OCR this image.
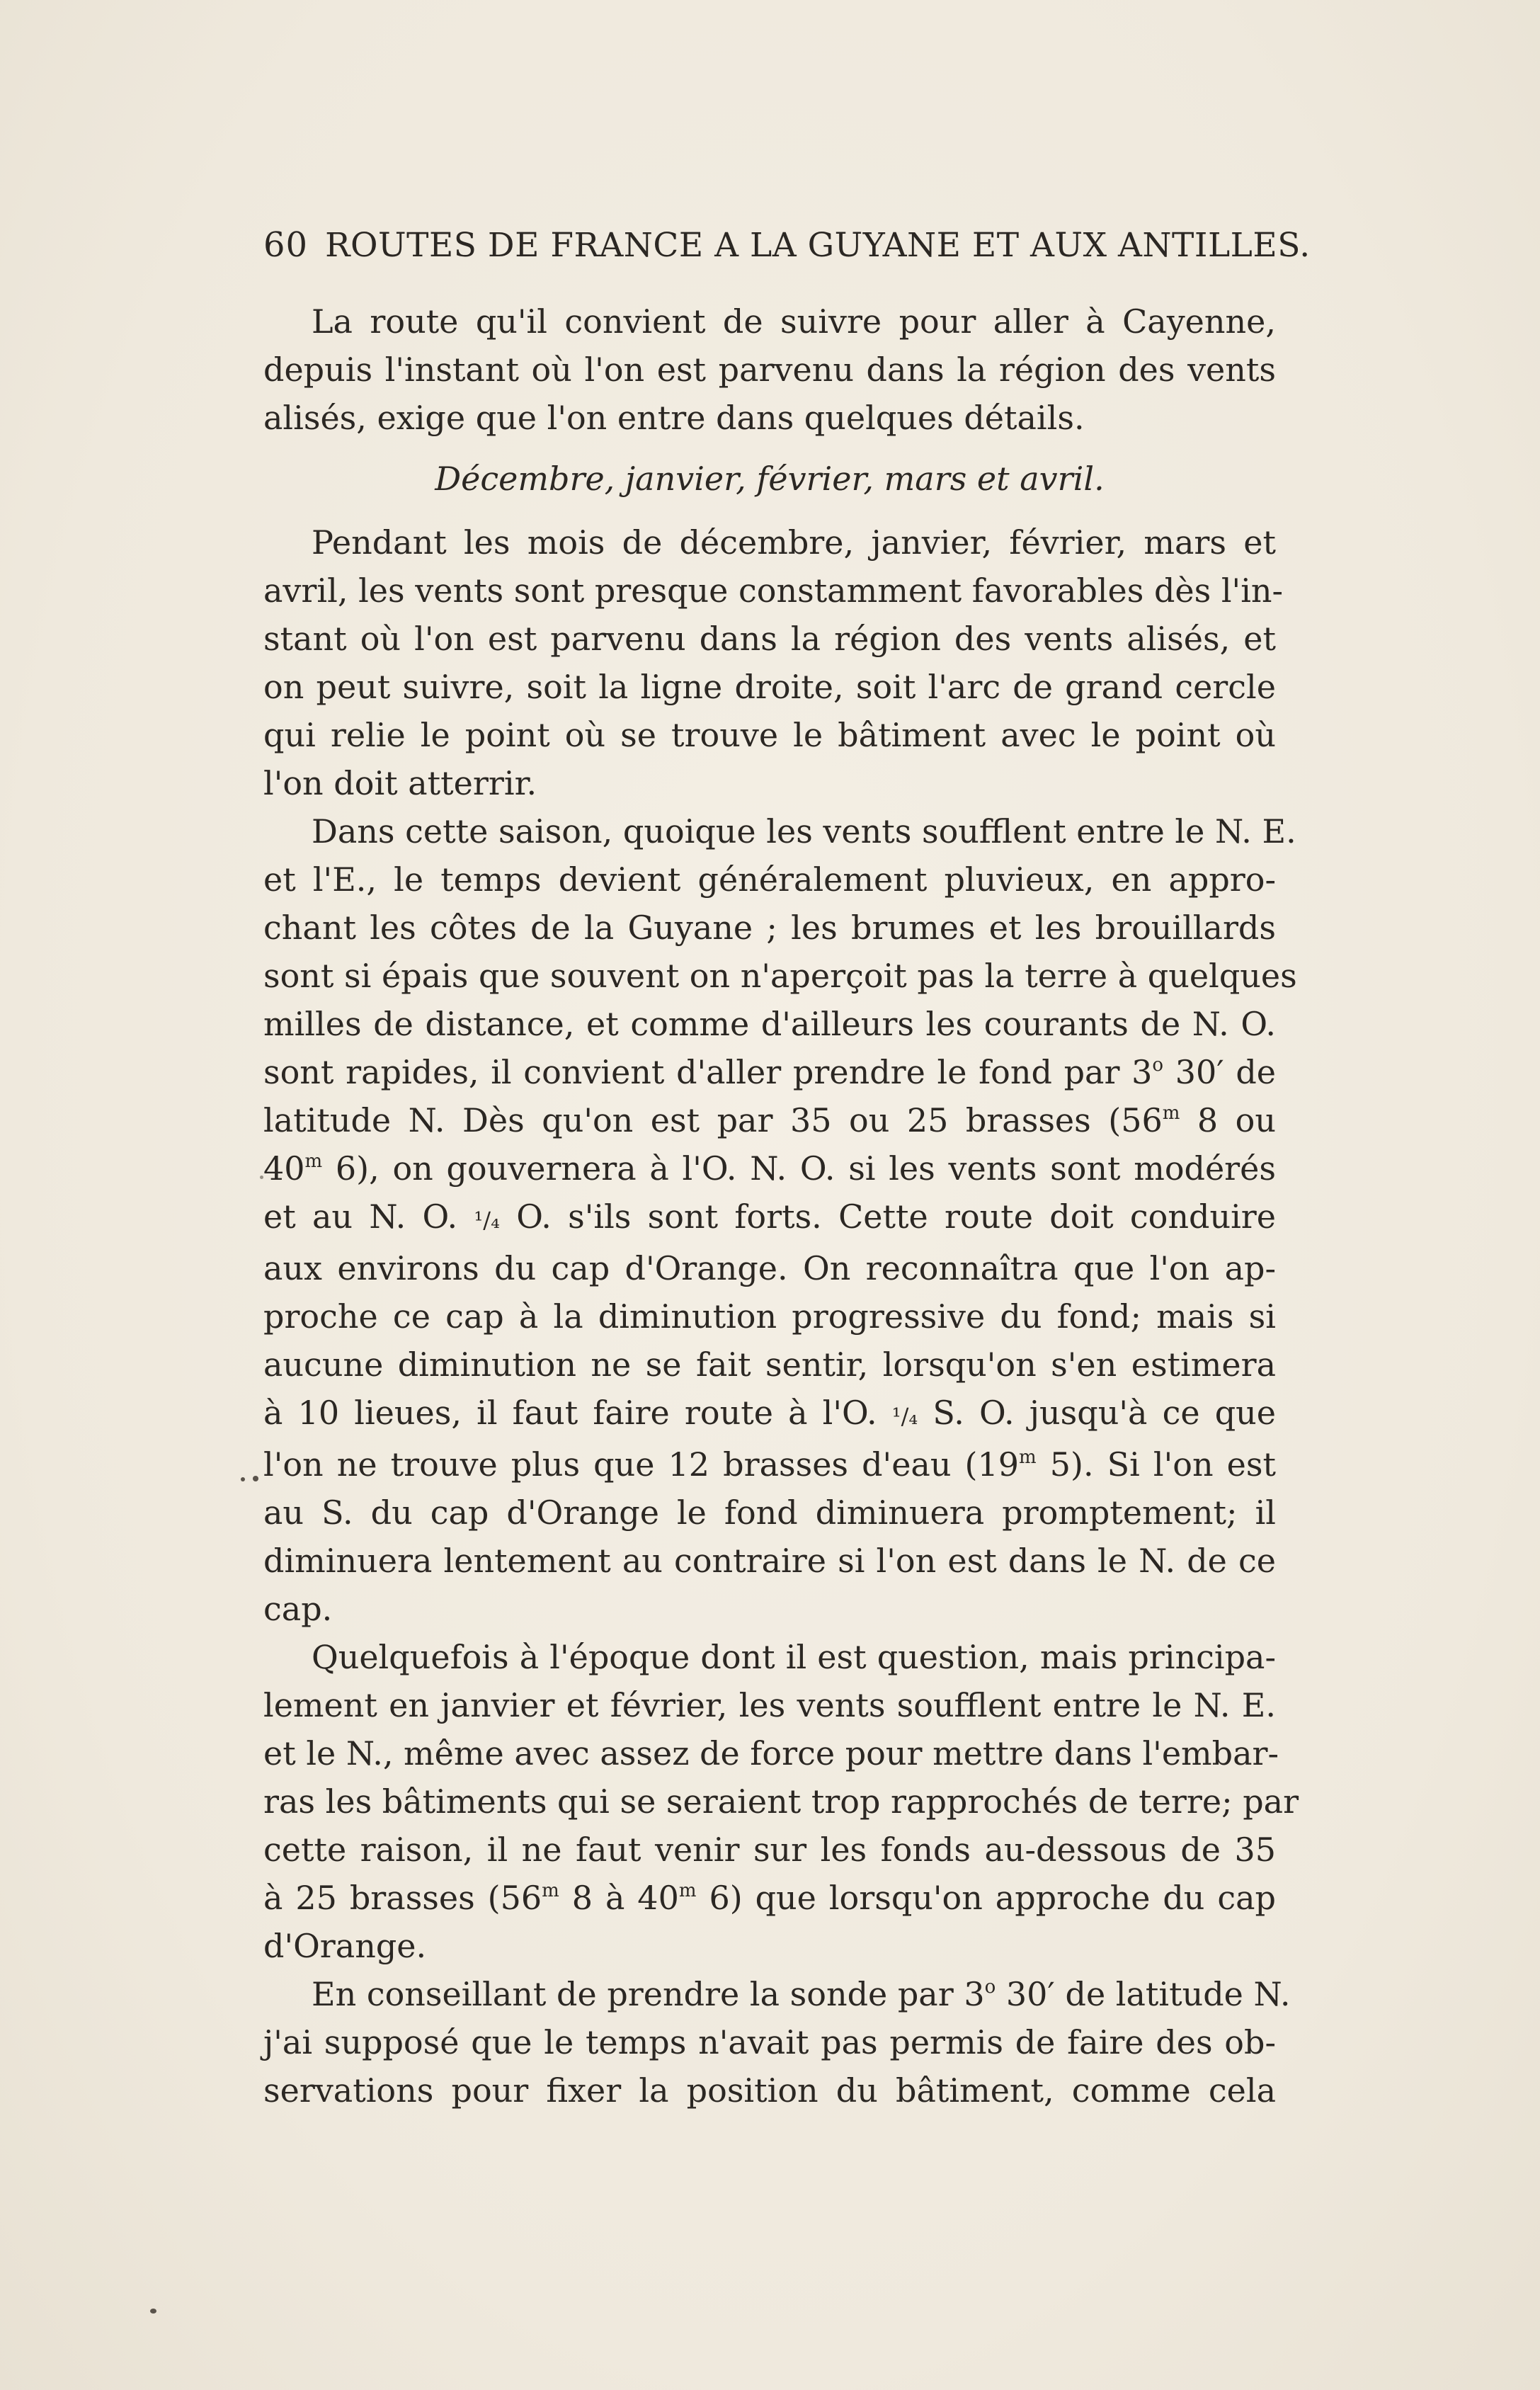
60 ROUTES DE FRANCE A LA GUYANE ET AUX ANTILLES.

La route qu'il convient de suivre pour aller à Cayenne,
depuis l'instant où l'on est parvenu dans la région des vents
alisés, exige que l'on entre dans quelques détails.

Décembre, janvier, février, mars et avril.

Pendant les mois de décembre, janvier, février, mars et
avril, les vents sont presque constamment favorables dès l'in-
stant où l'on est parvenu dans la région des vents alisés, et
on peut suivre, soit la ligne droite, soit l'arc de grand cercle
qui relie le point où se trouve le bâtiment avec le point où
l'on doit atterrir.

Dans cette saison, quoique les vents soufflent entre le N. E.
et l'E., le temps devient généralement pluvieux, en appro-
chant les côtes de la Guyane ; les brumes et les brouillards
sont si épais que souvent on n'aperçoit pas la terre à quelques
milles de distance, et comme d'ailleurs les courants de N. O.
sont rapides, il convient d'aller prendre le fond par 3$^o$ 30′ de
latitude N. Dès qu'on est par 35 ou 25 brasses (56$^m$ 8 ou
40$^m$ 6), on gouvernera à l'O. N. O. si les vents sont modérés
et au N. O. ¹/₄ O. s'ils sont forts. Cette route doit conduire
aux environs du cap d'Orange. On reconnaîtra que l'on ap-
proche ce cap à la diminution progressive du fond; mais si
aucune diminution ne se fait sentir, lorsqu'on s'en estimera
à 10 lieues, il faut faire route à l'O. ¹/₄ S. O. jusqu'à ce que
l'on ne trouve plus que 12 brasses d'eau (19$^m$ 5). Si l'on est
au S. du cap d'Orange le fond diminuera promptement; il
diminuera lentement au contraire si l'on est dans le N. de ce
cap.

Quelquefois à l'époque dont il est question, mais principa-
lement en janvier et février, les vents soufflent entre le N. E.
et le N., même avec assez de force pour mettre dans l'embar-
ras les bâtiments qui se seraient trop rapprochés de terre; par
cette raison, il ne faut venir sur les fonds au-dessous de 35
à 25 brasses (56$^m$ 8 à 40$^m$ 6) que lorsqu'on approche du cap
d'Orange.

En conseillant de prendre la sonde par 3$^o$ 30′ de latitude N.
j'ai supposé que le temps n'avait pas permis de faire des ob-
servations pour fixer la position du bâtiment, comme cela
